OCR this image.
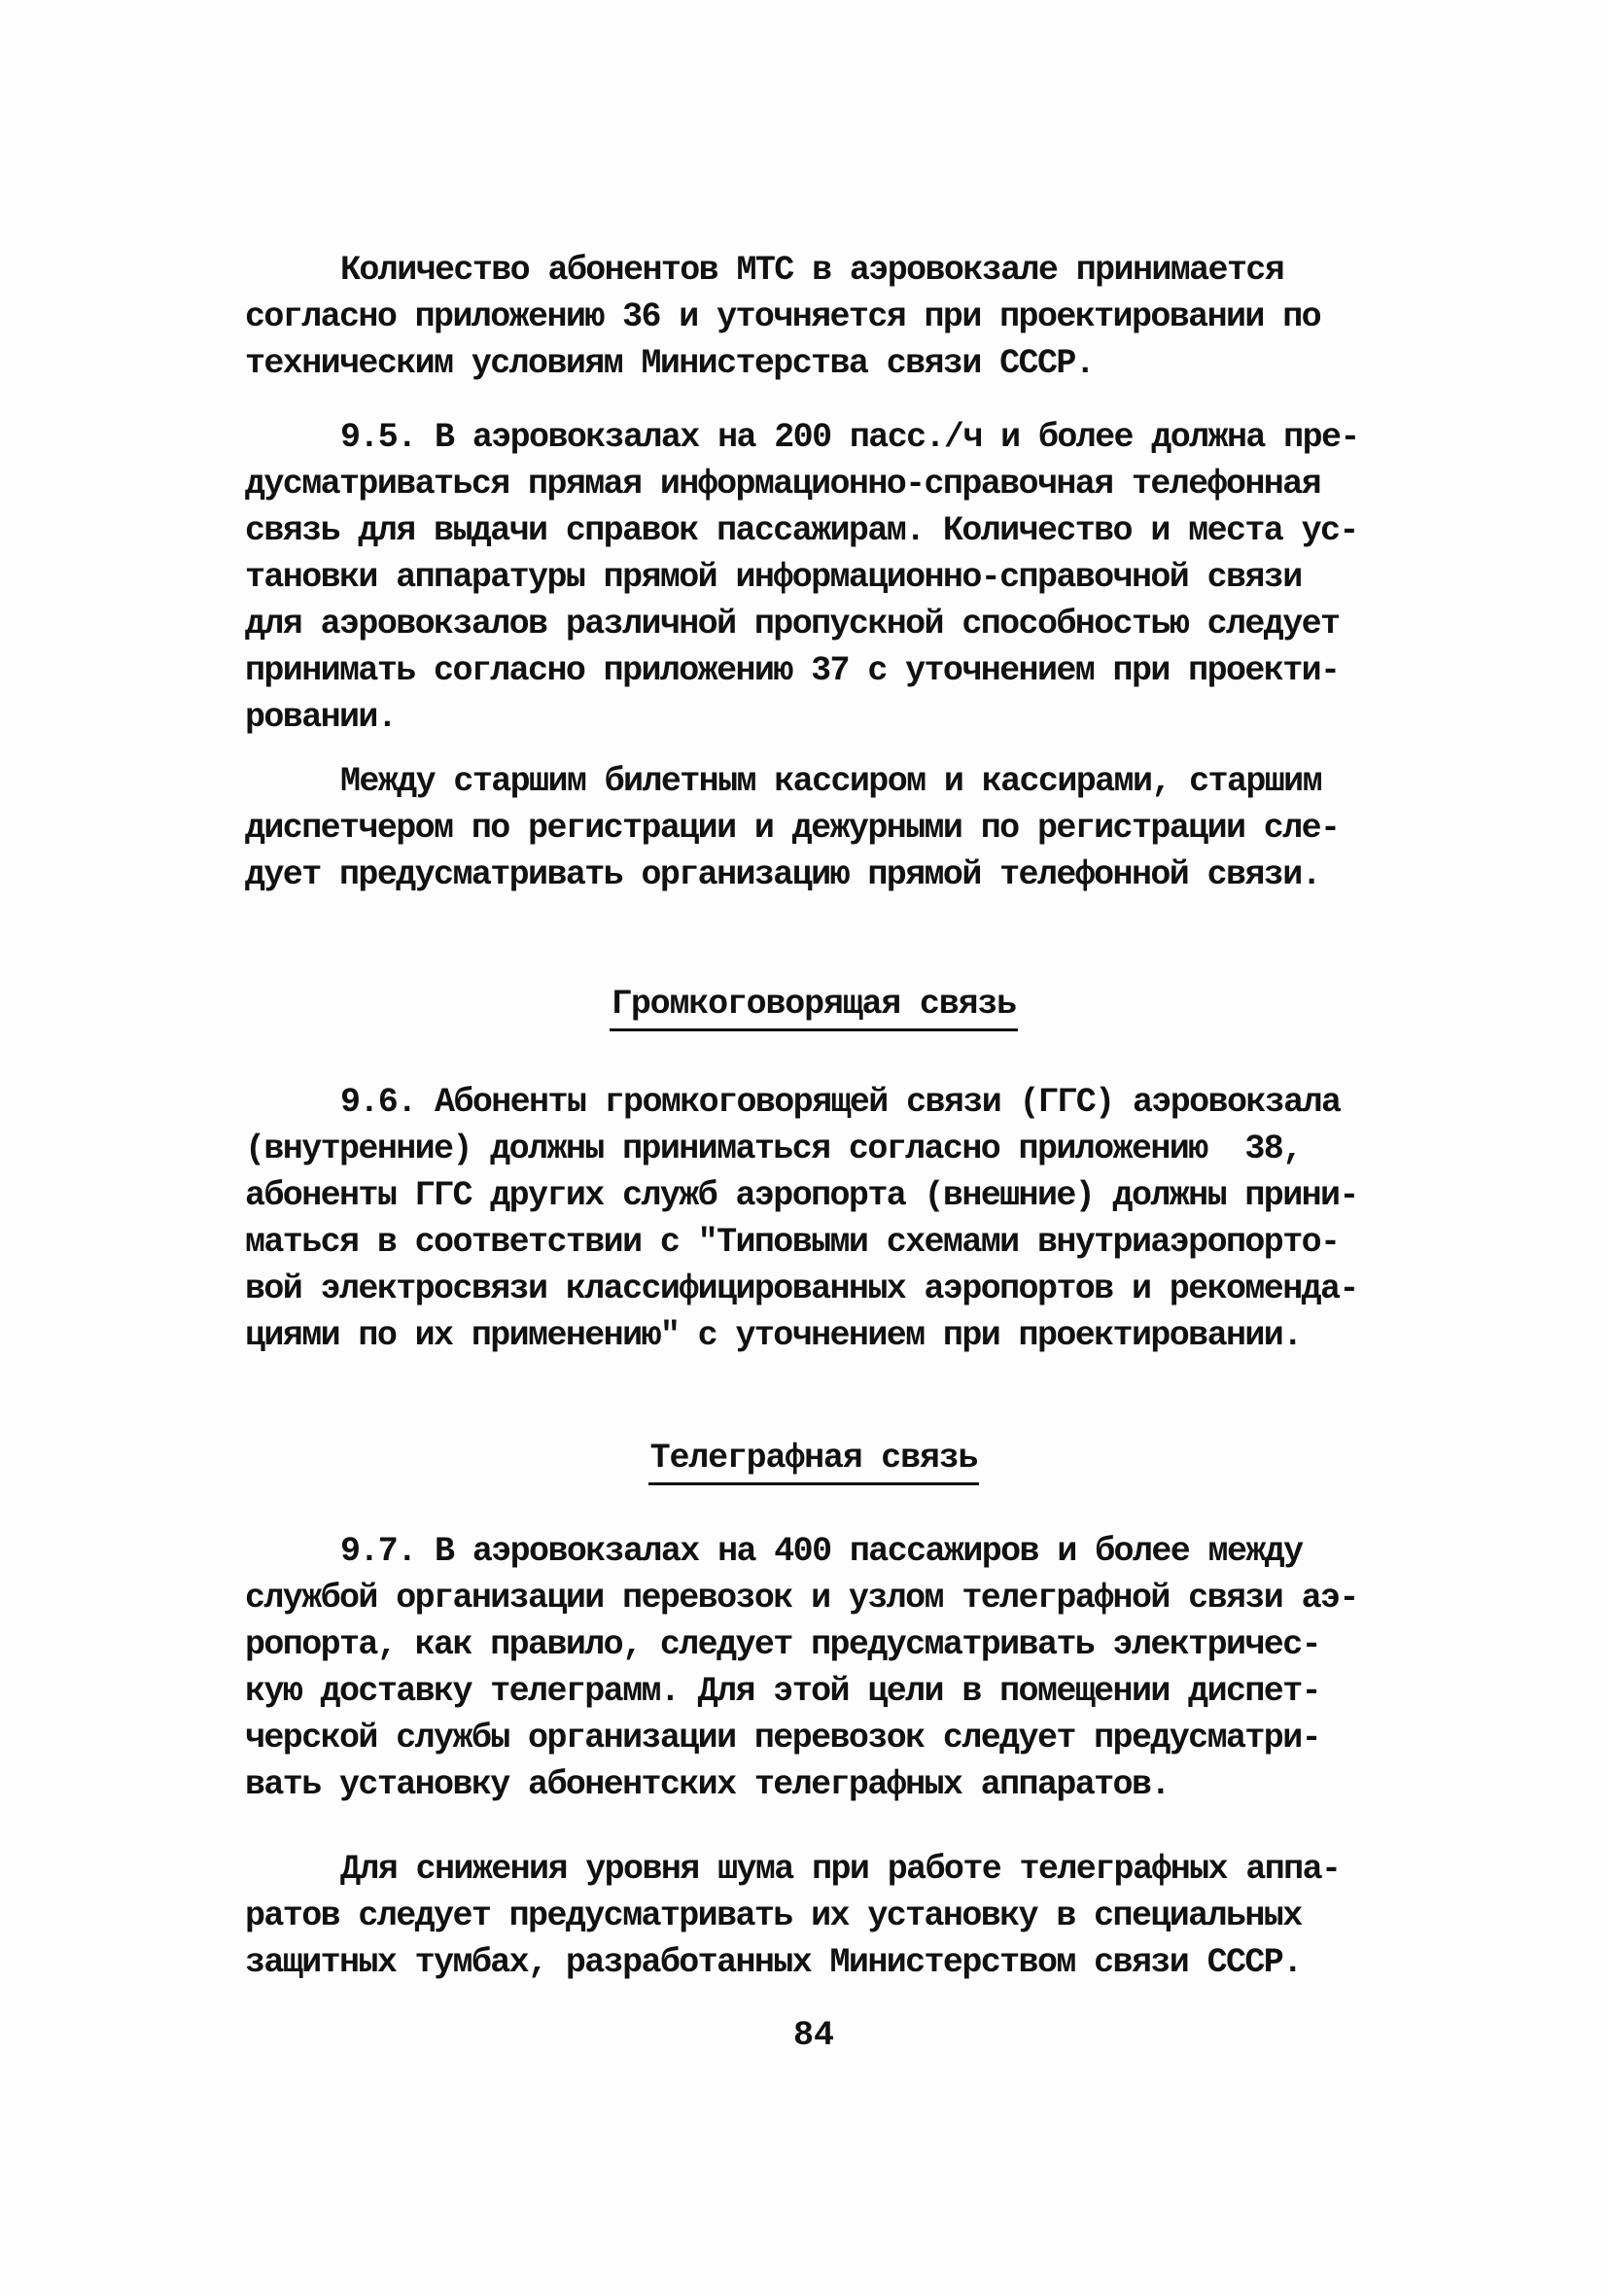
Количество абонентов МТС в аэровокзале принимается
согласно приложению 36 и уточняется при проектировании по
техническим условиям Министерства связи СССР.
9.5. В аэровокзалах на 200 пасс./ч и более должна пре-
дусматриваться прямая информационно-справочная телефонная
связь для выдачи справок пассажирам. Количество и места ус-
тановки аппаратуры прямой информационно-справочной связи
для аэровокзалов различной пропускной способностью следует
принимать согласно приложению 37 с уточнением при проекти-
ровании.
Между старшим билетным кассиром и кассирами, старшим
диспетчером по регистрации и дежурными по регистрации сле-
дует предусматривать организацию прямой телефонной связи.
Громкоговорящая связь
9.6. Абоненты громкоговорящей связи (ГГС) аэровокзала
(внутренние) должны приниматься согласно приложению  38,
абоненты ГГС других служб аэропорта (внешние) должны прини-
маться в соответствии с "Типовыми схемами внутриаэропорто-
вой электросвязи классифицированных аэропортов и рекоменда-
циями по их применению" с уточнением при проектировании.
Телеграфная связь
9.7. В аэровокзалах на 400 пассажиров и более между
службой организации перевозок и узлом телеграфной связи аэ-
ропорта, как правило, следует предусматривать электричес-
кую доставку телеграмм. Для этой цели в помещении диспет-
черской службы организации перевозок следует предусматри-
вать установку абонентских телеграфных аппаратов.
Для снижения уровня шума при работе телеграфных аппа-
ратов следует предусматривать их установку в специальных
защитных тумбах, разработанных Министерством связи СССР.
84
